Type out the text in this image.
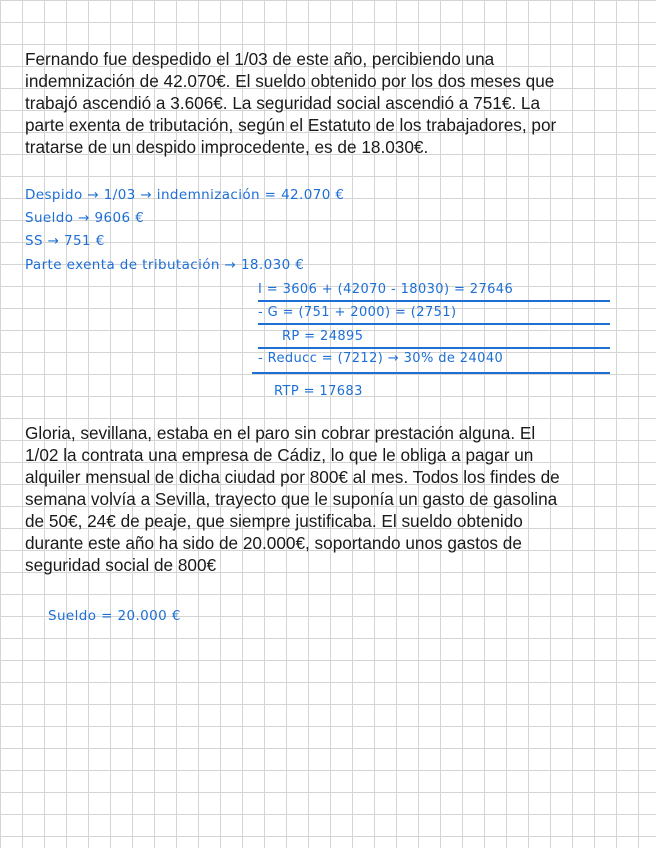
Fernando fue despedido el 1/03 de este año, percibiendo una
indemnización de 42.070€. El sueldo obtenido por los dos meses que
trabajó ascendió a 3.606€. La seguridad social ascendió a 751€. La
parte exenta de tributación, según el Estatuto de los trabajadores, por
tratarse de un despido improcedente, es de 18.030€.
Despido → 1/03 → indemnización = 42.070 €
Sueldo → 9606 €
SS → 751 €
Parte exenta de tributación → 18.030 €
I = 3606 + (42070 - 18030) = 27646
- G = (751 + 2000) = (2751)
RP = 24895
- Reducc = (7212) → 30% de 24040
RTP = 17683
Gloria, sevillana, estaba en el paro sin cobrar prestación alguna. El
1/02 la contrata una empresa de Cádiz, lo que le obliga a pagar un
alquiler mensual de dicha ciudad por 800€ al mes. Todos los findes de
semana volvía a Sevilla, trayecto que le suponía un gasto de gasolina
de 50€, 24€ de peaje, que siempre justificaba. El sueldo obtenido
durante este año ha sido de 20.000€, soportando unos gastos de
seguridad social de 800€
Sueldo = 20.000 €
